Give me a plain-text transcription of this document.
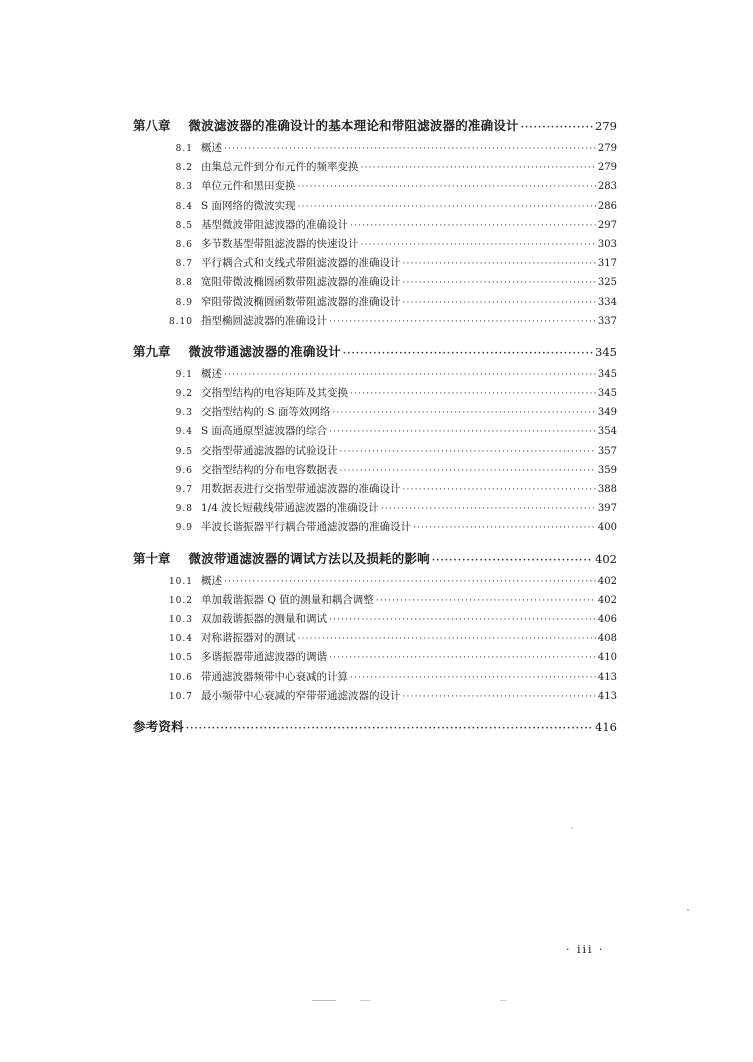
第八章 微波滤波器的准确设计的基本理论和带阻滤波器的准确设计 ·····	279
8.1 概述 ·····	279
8.2 由集总元件到分布元件的频率变换 ·····	279
8.3 单位元件和黑田变换 ·····	283
8.4 S 面网络的微波实现 ·····	286
8.5 基型微波带阻滤波器的准确设计 ·····	297
8.6 多节数基型带阻滤波器的快速设计 ·····	303
8.7 平行耦合式和支线式带阻滤波器的准确设计 ·····	317
8.8 宽阻带微波椭圆函数带阻滤波器的准确设计 ·····	325
8.9 窄阻带微波椭圆函数带阻滤波器的准确设计 ·····	334
8.10 指型椭圆滤波器的准确设计 ·····	337
第九章 微波带通滤波器的准确设计 ·····	345
9.1 概述 ·····	345
9.2 交指型结构的电容矩阵及其变换 ·····	345
9.3 交指型结构的 S 面等效网络 ·····	349
9.4 S 面高通原型滤波器的综合 ·····	354
9.5 交指型带通滤波器的试验设计 ·····	357
9.6 交指型结构的分布电容数据表 ·····	359
9.7 用数据表进行交指型带通滤波器的准确设计 ·····	388
9.8 1/4 波长短截线带通滤波器的准确设计 ·····	397
9.9 半波长谐振器平行耦合带通滤波器的准确设计 ·····	400
第十章 微波带通滤波器的调试方法以及损耗的影响 ·····	402
10.1 概述 ·····	402
10.2 单加载谐振器 Q 值的测量和耦合调整 ·····	402
10.3 双加载谐振器的测量和调试 ·····	406
10.4 对称谐振器对的测试 ·····	408
10.5 多谐振器带通滤波器的调谐 ·····	410
10.6 带通滤波器频带中心衰减的计算 ·····	413
10.7 最小频带中心衰减的窄带带通滤波器的设计 ·····	413
参考资料 ·····	416
· iii ·
